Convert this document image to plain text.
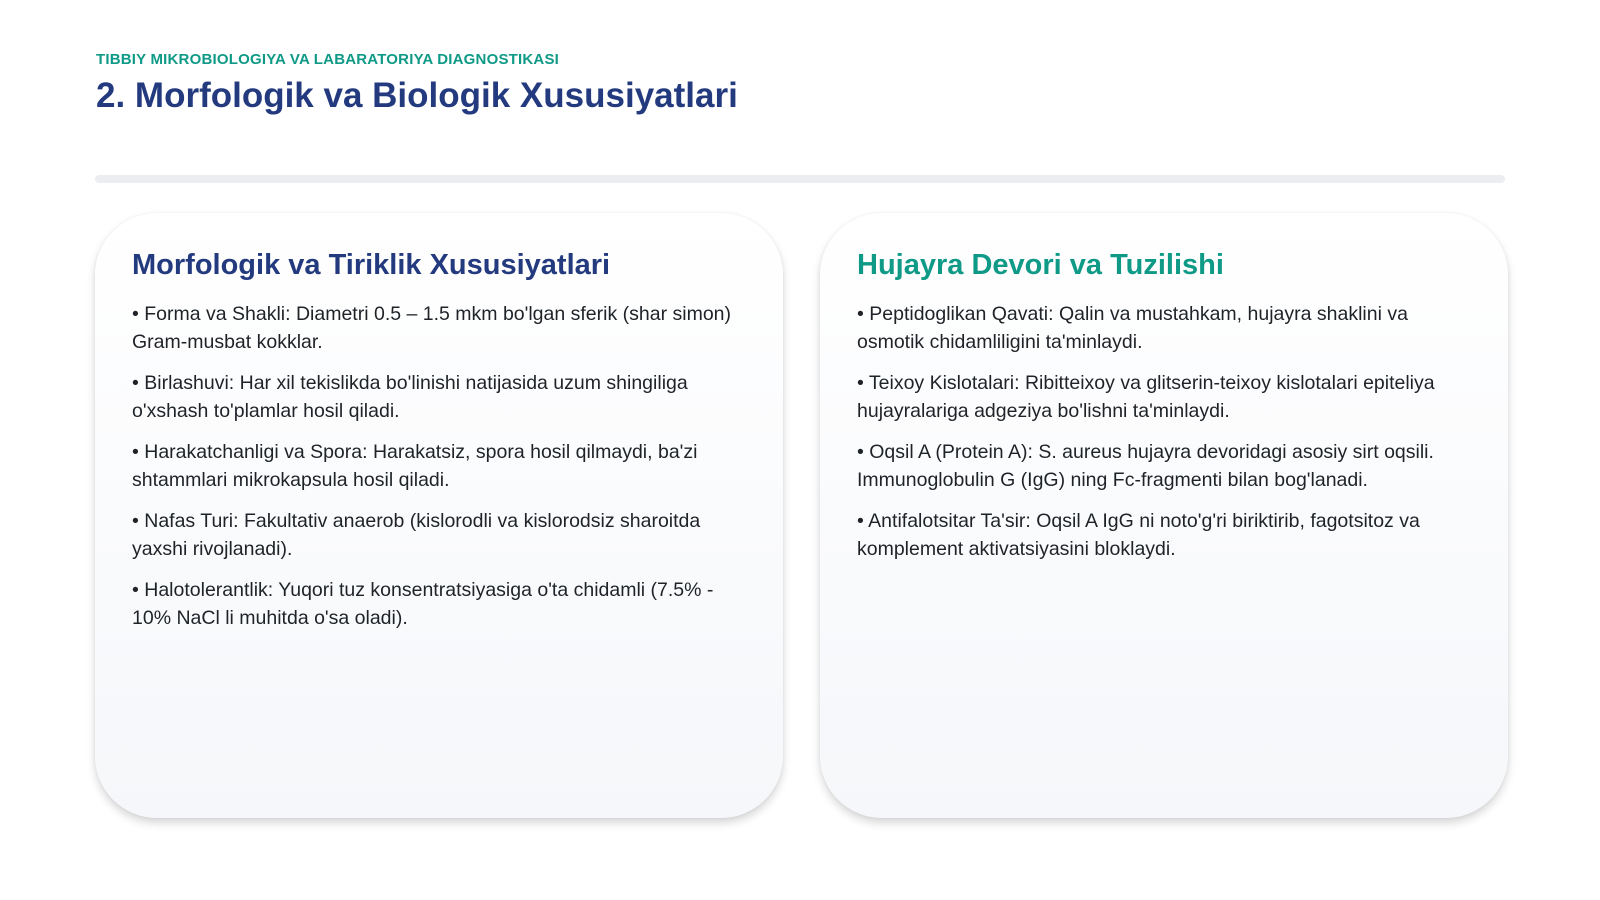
TIBBIY MIKROBIOLOGIYA VA LABARATORIYA DIAGNOSTIKASI
2. Morfologik va Biologik Xususiyatlari
Morfologik va Tiriklik Xususiyatlari
• Forma va Shakli: Diametri 0.5 – 1.5 mkm bo'lgan sferik (shar simon) Gram-musbat kokklar.
• Birlashuvi: Har xil tekislikda bo'linishi natijasida uzum shingiliga o'xshash to'plamlar hosil qiladi.
• Harakatchanligi va Spora: Harakatsiz, spora hosil qilmaydi, ba'zi shtammlari mikrokapsula hosil qiladi.
• Nafas Turi: Fakultativ anaerob (kislorodli va kislorodsiz sharoitda yaxshi rivojlanadi).
• Halotolerantlik: Yuqori tuz konsentratsiyasiga o'ta chidamli (7.5% - 10% NaCl li muhitda o'sa oladi).
Hujayra Devori va Tuzilishi
• Peptidoglikan Qavati: Qalin va mustahkam, hujayra shaklini va osmotik chidamliligini ta'minlaydi.
• Teixoy Kislotalari: Ribitteixoy va glitserin-teixoy kislotalari epiteliya hujayralariga adgeziya bo'lishni ta'minlaydi.
• Oqsil A (Protein A): S. aureus hujayra devoridagi asosiy sirt oqsili. Immunoglobulin G (IgG) ning Fc-fragmenti bilan bog'lanadi.
• Antifalotsitar Ta'sir: Oqsil A IgG ni noto'g'ri biriktirib, fagotsitoz va komplement aktivatsiyasini bloklaydi.
